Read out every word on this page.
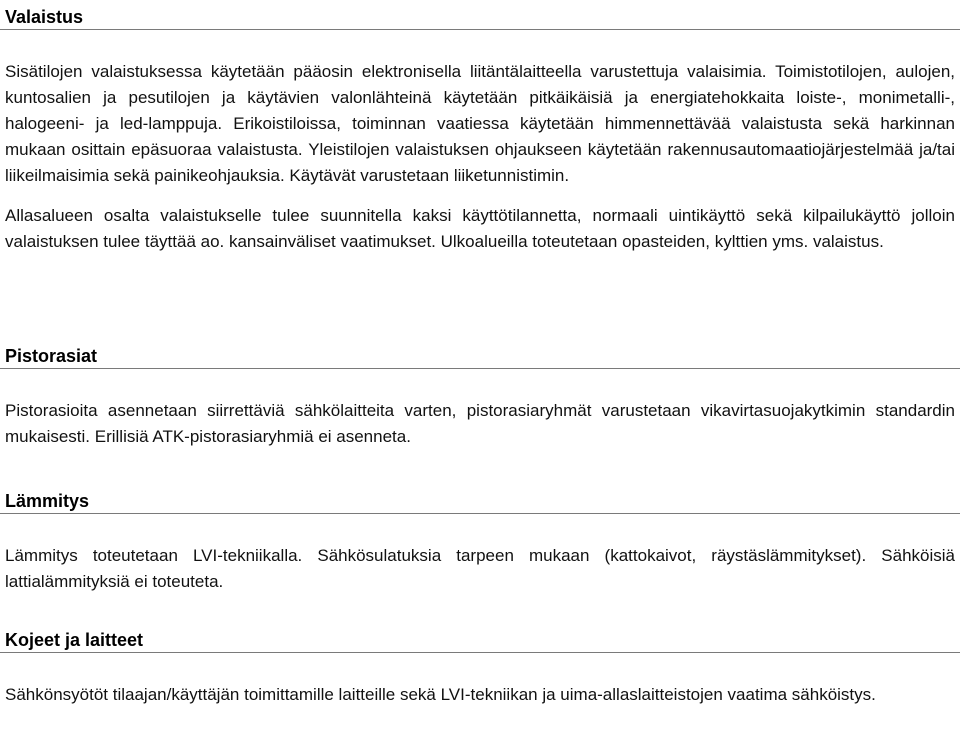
Valaistus

Sisätilojen valaistuksessa käytetään pääosin elektronisella liitäntälaitteella varustettuja valaisimia. Toimistotilojen, aulojen, kuntosalien ja pesutilojen ja käytävien valonlähteinä käytetään pitkäikäisiä ja energiatehokkaita loiste-, monimetalli-, halogeeni- ja led-lamppuja. Erikoistiloissa, toiminnan vaatiessa käytetään himmennettävää valaistusta sekä harkinnan mukaan osittain epäsuoraa valaistusta. Yleistilojen valaistuksen ohjaukseen käytetään rakennusautomaatiojärjestelmää ja/tai liikeilmaisimia sekä painikeohjauksia. Käytävät varustetaan liiketunnistimin.

Allasalueen osalta valaistukselle tulee suunnitella kaksi käyttötilannetta, normaali uintikäyttö sekä kilpailukäyttö jolloin valaistuksen tulee täyttää ao. kansainväliset vaatimukset. Ulkoalueilla toteutetaan opasteiden, kylttien yms. valaistus.

Pistorasiat

Pistorasioita asennetaan siirrettäviä sähkölaitteita varten, pistorasiaryhmät varustetaan vikavirtasuojakytkimin standardin mukaisesti. Erillisiä ATK-pistorasiaryhmiä ei asenneta.

Lämmitys

Lämmitys toteutetaan LVI-tekniikalla. Sähkösulatuksia tarpeen mukaan (kattokaivot, räystäslämmitykset). Sähköisiä lattialämmityksiä ei toteuteta.

Kojeet ja laitteet

Sähkönsyötöt tilaajan/käyttäjän toimittamille laitteille sekä LVI-tekniikan ja uima-allaslaitteistojen vaatima sähköistys.
